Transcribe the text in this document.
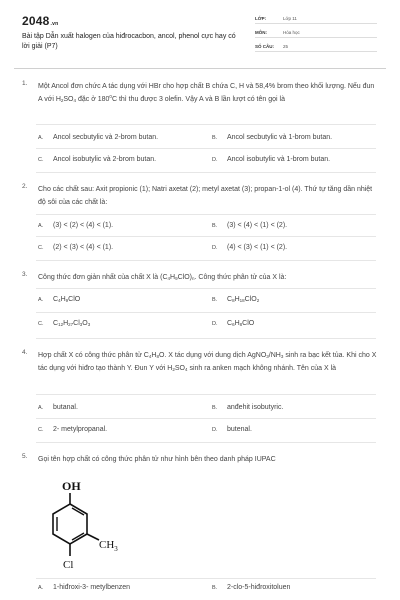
2048.vn
Bài tập Dẫn xuất halogen của hiđrocacbon, ancol, phenol cực hay có lời giải (P7)
LỚP:	Lớp 11
MÔN:	Hóa học
SỐ CÂU: 25
1. Một Ancol đơn chức A tác dụng với HBr cho hợp chất B chứa C, H và 58,4% brom theo khối lượng. Nếu đun A với $H_2SO_4$ đặc ở $180^0C$ thì thu được 3 olefin. Vậy A và B lần lượt có tên gọi là
A. Ancol secbutylic và 2-brom butan.	B. Ancol secbutylic và 1-brom butan.
C. Ancol isobutylic và 2-brom butan.	D. Ancol isobutylic và 1-brom butan.
2. Cho các chất sau: Axit propionic (1); Natri axetat (2); metyl axetat (3); propan-1-ol (4). Thứ tự tăng dần nhiệt độ sôi của các chất là:
A. (3) < (2) < (4) < (1).	B. (3) < (4) < (1) < (2).
C. (2) < (3) < (4) < (1).	D. (4) < (3) < (1) < (2).
3. Công thức đơn giản nhất của chất X là $(C_4H_9ClO)_n$. Công thức phân tử của X là:
A. $C_4H_9ClO$	B. $C_8H_{18}ClO_2$
C. $C_{12}H_{27}Cl_3O_3$	D. $C_6H_8ClO$
4. Hợp chất X có công thức phân tử $C_4H_8O$. X tác dụng với dung dịch $AgNO_3/NH_3$ sinh ra bạc kết tủa. Khi cho X tác dụng với hiđro tạo thành Y. Đun Y với $H_2SO_4$ sinh ra anken mạch không nhánh. Tên của X là
A. butanal.	B. anđehit isobutyric.
C. 2- metylpropanal.	D. butenal.
5. Gọi tên hợp chất có công thức phân tử như hình bên theo danh pháp IUPAC
OH
$CH_3$
Cl
A. 1-hiđroxi-3- metylbenzen	B. 2-clo-5-hiđroxitoluen
